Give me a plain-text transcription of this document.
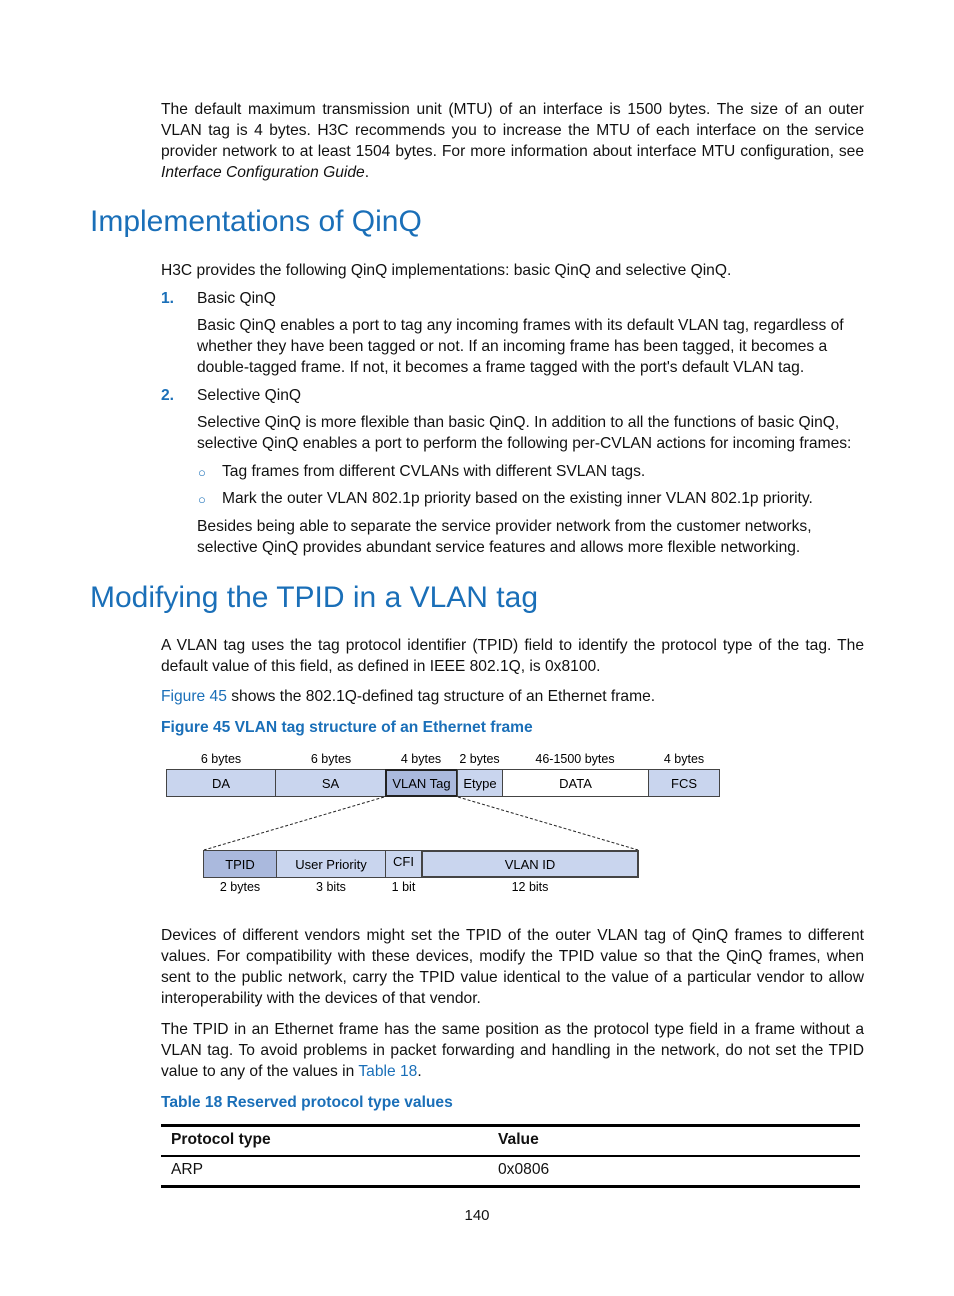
The default maximum transmission unit (MTU) of an interface is 1500 bytes. The size of an outer VLAN tag is 4 bytes. H3C recommends you to increase the MTU of each interface on the service provider network to at least 1504 bytes. For more information about interface MTU configuration, see Interface Configuration Guide.

Implementations of QinQ

H3C provides the following QinQ implementations: basic QinQ and selective QinQ.

1. Basic QinQ

Basic QinQ enables a port to tag any incoming frames with its default VLAN tag, regardless of whether they have been tagged or not. If an incoming frame has been tagged, it becomes a double-tagged frame. If not, it becomes a frame tagged with the port's default VLAN tag.

2. Selective QinQ

Selective QinQ is more flexible than basic QinQ. In addition to all the functions of basic QinQ, selective QinQ enables a port to perform the following per-CVLAN actions for incoming frames:

○ Tag frames from different CVLANs with different SVLAN tags.
○ Mark the outer VLAN 802.1p priority based on the existing inner VLAN 802.1p priority.

Besides being able to separate the service provider network from the customer networks, selective QinQ provides abundant service features and allows more flexible networking.

Modifying the TPID in a VLAN tag

A VLAN tag uses the tag protocol identifier (TPID) field to identify the protocol type of the tag. The default value of this field, as defined in IEEE 802.1Q, is 0x8100.

Figure 45 shows the 802.1Q-defined tag structure of an Ethernet frame.

Figure 45 VLAN tag structure of an Ethernet frame
6 bytes	6 bytes	4 bytes	2 bytes	46-1500 bytes	4 bytes
DA	SA	VLAN Tag Etype	DATA	FCS
TPID	User Priority	CFI	VLAN ID
2 bytes	3 bits	1 bit	12 bits

Devices of different vendors might set the TPID of the outer VLAN tag of QinQ frames to different values. For compatibility with these devices, modify the TPID value so that the QinQ frames, when sent to the public network, carry the TPID value identical to the value of a particular vendor to allow interoperability with the devices of that vendor.

The TPID in an Ethernet frame has the same position as the protocol type field in a frame without a VLAN tag. To avoid problems in packet forwarding and handling in the network, do not set the TPID value to any of the values in Table 18.

Table 18 Reserved protocol type values
Protocol type	Value
ARP	0x0806
140
